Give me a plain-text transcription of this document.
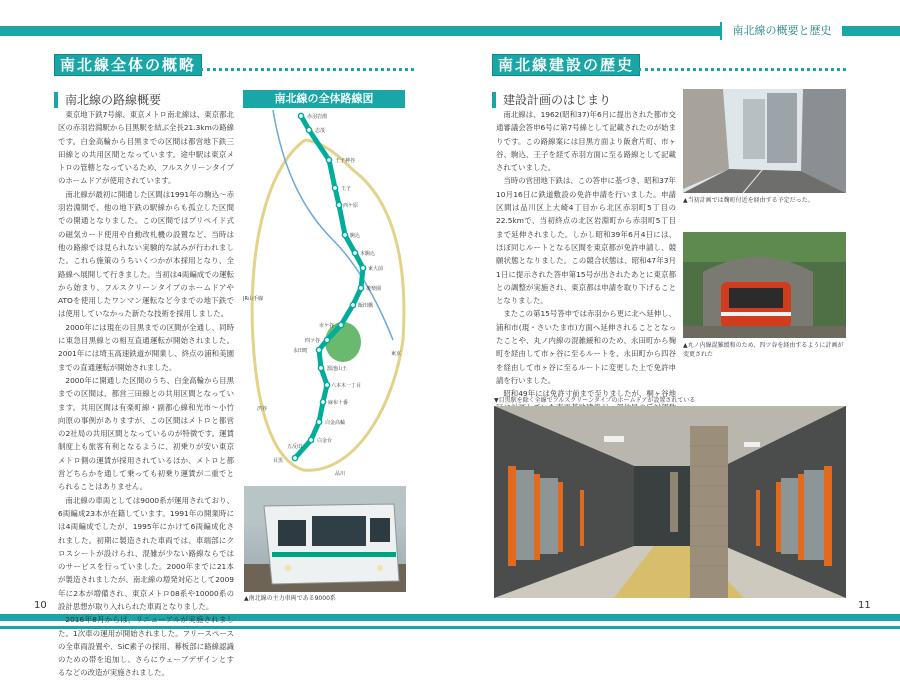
南北線の概要と歴史
南北線全体の概略
南北線の路線概要

東京地下鉄7号線、東京メトロ南北線は、東京都北区の赤羽岩淵駅から目黒駅を結ぶ全長21.3kmの路線です。白金高輪から目黒までの区間は都営地下鉄三田線との共用区間となっています。途中駅は東京メトロの管轄となっているため、フルスクリーンタイプのホームドアが使用されています。

南北線が最初に開通した区間は1991年の駒込〜赤羽岩淵間で、他の地下鉄の駅線からも孤立した区間での開通となりました。この区間ではプリペイド式の磁気カード使用や自動改札機の設置など、当時は他の路線では見られない実験的な試みが行われました。これら施策のうちいくつかが本採用となり、全路線へ展開して行きました。当初は4両編成での運転から始まり、フルスクリーンタイプのホームドアやATOを使用したワンマン運転など今までの地下鉄では使用していなかった新たな技術を採用しました。

2000年には現在の目黒までの区間が全通し、同時に東急目黒線との相互直通運転が開始されました。2001年には埼玉高速鉄道が開業し、終点の浦和美園までの直通運転が開始されました。

2000年に開通した区間のうち、白金高輪から目黒までの区間は、都営三田線との共用区間となっています。共用区間は有楽町線・副都心線和光市〜小竹向原の事例がありますが、この区間はメトロと都営の2社局の共用区間となっているのが特徴です。運賃制度上も旅客有利となるように、初乗りが安い東京メトロ側の運賃が採用されているほか、メトロと都営どちらかを通して乗っても初乗り運賃が二重でとられることはありません。

南北線の車両としては9000系が運用されており、6両編成23本が在籍しています。1991年の開業時には4両編成でしたが、1995年にかけて6両編成化されました。初期に製造された車両では、車端部にクロスシートが設けられ、混雑が少ない路線ならではのサービスを行っていました。2000年までに21本が製造されましたが、南北線の増発対応として2009年に2本が増備され、東京メトロ08系や10000系の設計思想が取り入れられた車両となりました。

2016年8月からは、リニューアルが実施されました。1次車の運用が開始されました。フリースペースの全車両設置や、SiC素子の採用、幕板部に路線認識のための帯を追加し、さらにウェーブデザインとするなどの改造が実施されました。

南北線の全体路線図
赤羽岩淵
志茂
王子神谷
王子
西ケ原
駒込
本駒込
東大前
後楽園
飯田橋
市ケ谷
四ツ谷
永田町
溜池山王
六本木一丁目
麻布十番
白金高輪
白金台
目黒
JR山手線
東京
渋谷
品川
五反田
▲南北線の主力車両である9000系
10
南北線建設の歴史
建設計画のはじまり

南北線は、1962(昭和37)年6月に提出された都市交通審議会答申6号に第7号線として記載されたのが始まりです。この路線案には目黒方面より飯倉片町、市ヶ谷、駒込、王子を経て赤羽方面に至る路線として記載されていました。

当時の営団地下鉄は、この答申に基づき、昭和37年10月16日に鉄道敷設の免許申請を行いました。申請区間は品川区上大崎4丁目から北区赤羽町5丁目の22.5kmで、当初終点の北区岩淵町から赤羽町5丁目まで延伸されました。しかし昭和39年6月4日には、ほぼ同じルートとなる区間を東京都が免許申請し、競願状態となりました。この競合状態は、昭和47年3月1日に提示された答申第15号が出されたあとに東京都との調整が実施され、東京都は申請を取り下げることとなりました。

またこの第15号答申では赤羽から更に北へ延伸し、浦和市(現・さいたま市)方面へ延伸されることとなったことや、丸ノ内線の混雑緩和のため、永田町から麹町を経由して市ヶ谷に至るルートを、永田町から四谷を経由して市ヶ谷に至るルートに変更した上で免許申請を行いました。

昭和49年には免許寸前まで至りましたが、桐ヶ谷地

▲当初計画では麹町付近を経由する予定だった。
▲丸ノ内線混雑緩和のため、四ツ谷を経由するように計画が変更された
▼目黒駅を除く全線でフルスクリーンタイプのホームドアが設置されている
11
